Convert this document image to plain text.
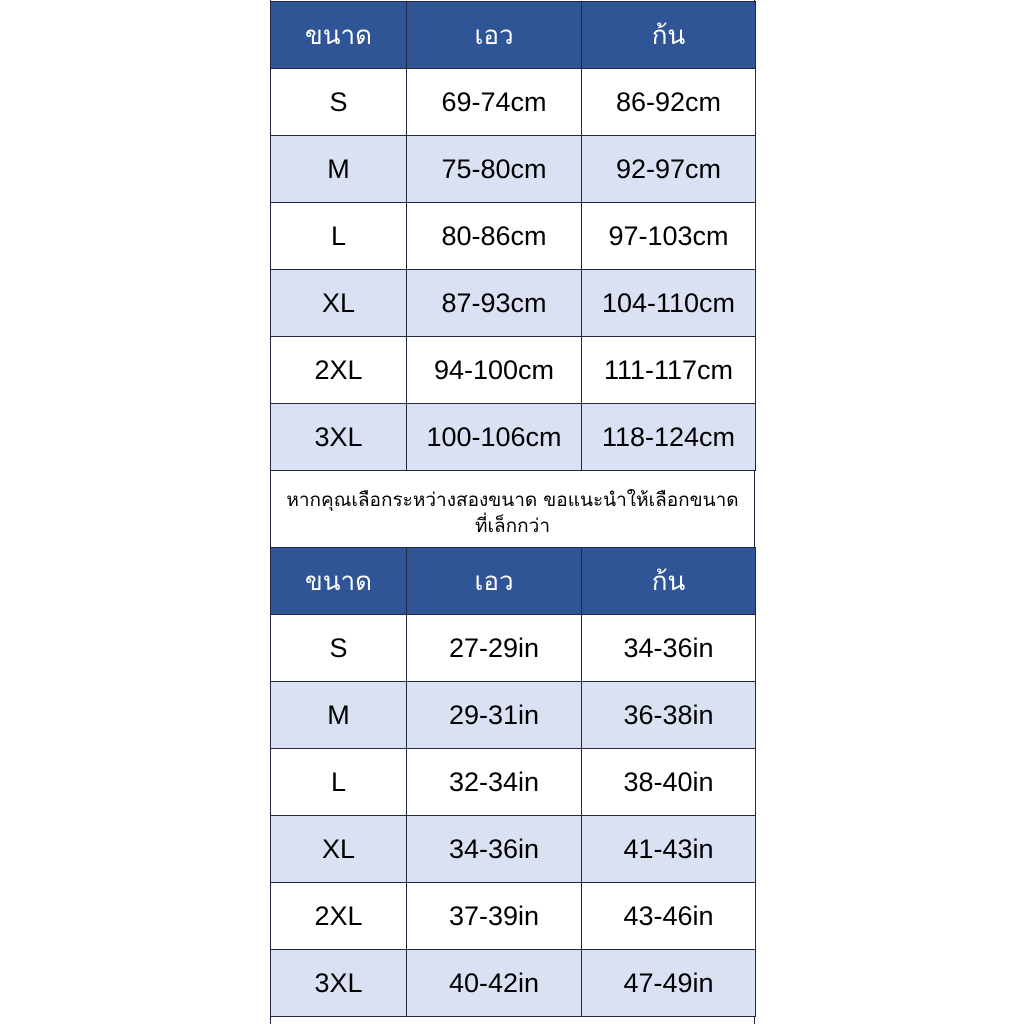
ขนาด	เอว	ก้น
S	69-74cm	86-92cm
M	75-80cm	92-97cm
L	80-86cm	97-103cm
XL	87-93cm	104-110cm
2XL	94-100cm	111-117cm
3XL	100-106cm	118-124cm
หากคุณเลือกระหว่างสองขนาด ขอแนะนำให้เลือกขนาดที่เล็กกว่า
ขนาด	เอว	ก้น
S	27-29in	34-36in
M	29-31in	36-38in
L	32-34in	38-40in
XL	34-36in	41-43in
2XL	37-39in	43-46in
3XL	40-42in	47-49in
